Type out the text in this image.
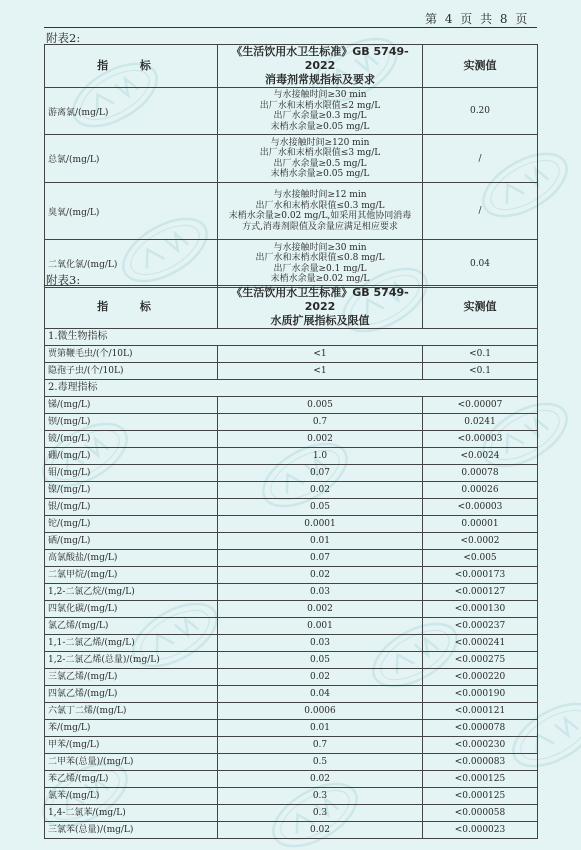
第 4 页 共 8 页
附表2:
指 标	《生活饮用水卫生标准》GB 5749-2022
消毒剂常规指标及要求	实测值
游离氯/(mg/L)	与水接触时间≥30 min
出厂水和末梢水限值≤2 mg/L
出厂水余量≥0.3 mg/L
末梢水余量≥0.05 mg/L	0.20
总氯/(mg/L)	与水接触时间≥120 min
出厂水和末梢水限值≤3 mg/L
出厂水余量≥0.5 mg/L
末梢水余量≥0.05 mg/L	/
臭氧/(mg/L)	与水接触时间≥12 min
出厂水和末梢水限值≤0.3 mg/L
末梢水余量≥0.02 mg/L,如采用其他协同消毒
方式,消毒剂限值及余量应满足相应要求	/
二氧化氯/(mg/L)	与水接触时间≥30 min
出厂水和末梢水限值≤0.8 mg/L
出厂水余量≥0.1 mg/L
末梢水余量≥0.02 mg/L	0.04
附表3:
指 标	《生活饮用水卫生标准》GB 5749-2022
水质扩展指标及限值	实测值
1.微生物指标		
贾第鞭毛虫/(个/10L)	<1	<0.1
隐孢子虫/(个/10L)	<1	<0.1
2.毒理指标		
锑/(mg/L)	0.005	<0.00007
钡/(mg/L)	0.7	0.0241
铍/(mg/L)	0.002	<0.00003
硼/(mg/L)	1.0	<0.0024
钼/(mg/L)	0.07	0.00078
镍/(mg/L)	0.02	0.00026
银/(mg/L)	0.05	<0.00003
铊/(mg/L)	0.0001	0.00001
硒/(mg/L)	0.01	<0.0002
高氯酸盐/(mg/L)	0.07	<0.005
二氯甲烷/(mg/L)	0.02	<0.000173
1,2-二氯乙烷/(mg/L)	0.03	<0.000127
四氯化碳/(mg/L)	0.002	<0.000130
氯乙烯/(mg/L)	0.001	<0.000237
1,1-二氯乙烯/(mg/L)	0.03	<0.000241
1,2-二氯乙烯(总量)/(mg/L)	0.05	<0.000275
三氯乙烯/(mg/L)	0.02	<0.000220
四氯乙烯/(mg/L)	0.04	<0.000190
六氯丁二烯/(mg/L)	0.0006	<0.000121
苯/(mg/L)	0.01	<0.000078
甲苯/(mg/L)	0.7	<0.000230
二甲苯(总量)/(mg/L)	0.5	<0.000083
苯乙烯/(mg/L)	0.02	<0.000125
氯苯/(mg/L)	0.3	<0.000125
1,4-二氯苯/(mg/L)	0.3	<0.000058
三氯苯(总量)/(mg/L)	0.02	<0.000023
